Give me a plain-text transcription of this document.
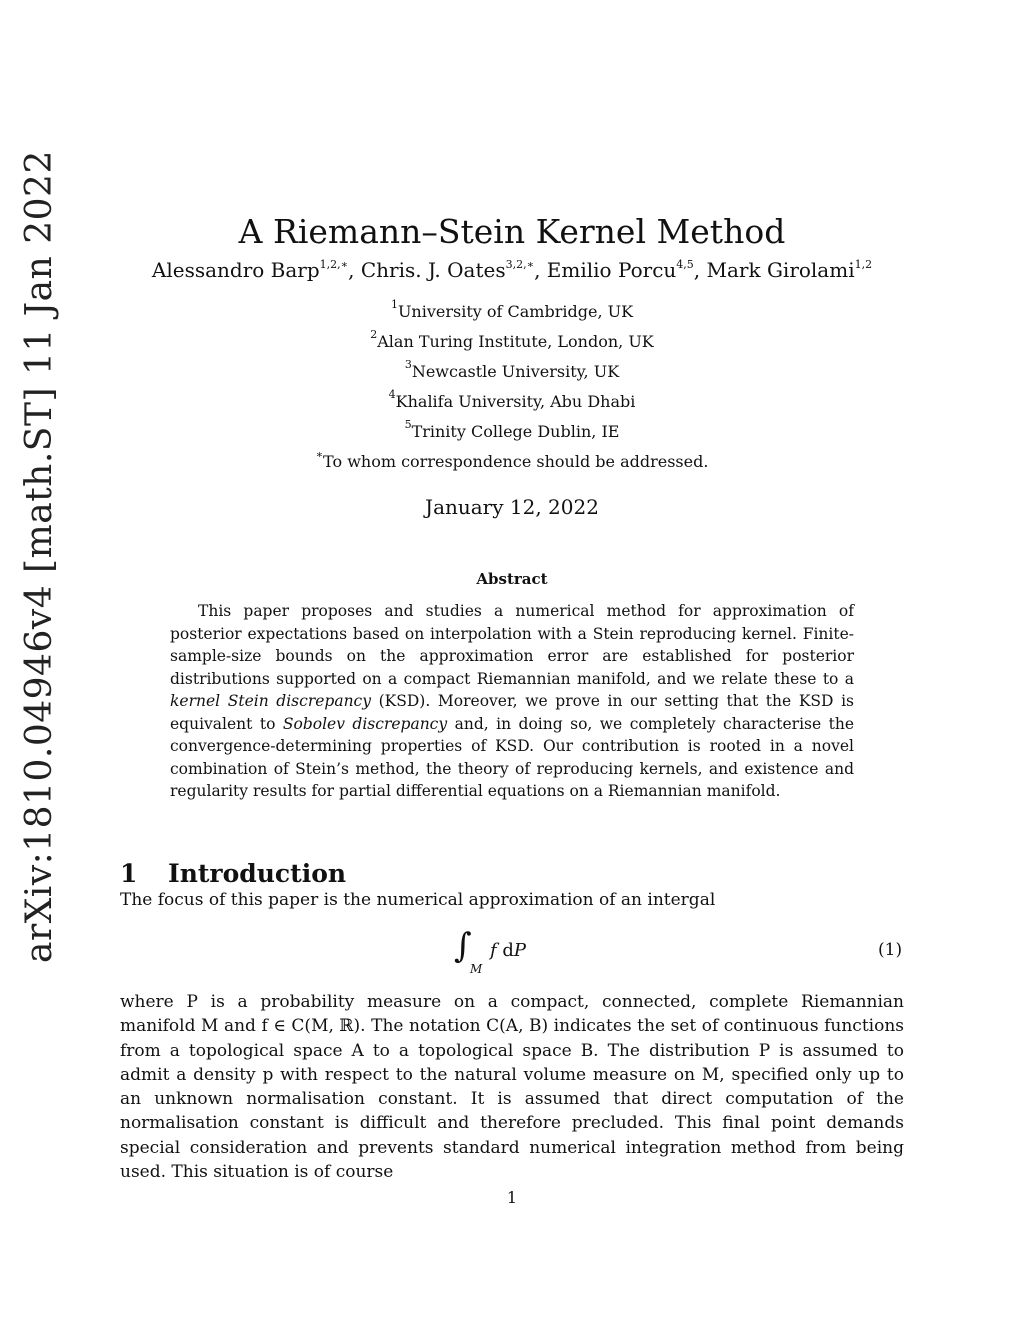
arXiv:1810.04946v4 [math.ST] 11 Jan 2022	A Riemann–Stein Kernel Method
Alessandro Barp$^{1,2,∗}$, Chris. J. Oates$^{3,2,∗}$, Emilio Porcu$^{4,5}$, Mark Girolami$^{1,2}$
$^1$University of Cambridge, UK
$^2$Alan Turing Institute, London, UK
$^3$Newcastle University, UK
$^4$Khalifa University, Abu Dhabi
$^5$Trinity College Dublin, IE
∗To whom correspondence should be addressed.
January 12, 2022
Abstract
This paper proposes and studies a numerical method for approximation of posterior expectations based on interpolation with a Stein reproducing kernel. Finite-sample-size bounds on the approximation error are established for posterior distributions supported on a compact Riemannian manifold, and we relate these to a kernel Stein discrepancy (KSD). Moreover, we prove in our setting that the KSD is equivalent to Sobolev discrepancy and, in doing so, we completely characterise the convergence-determining properties of KSD. Our contribution is rooted in a novel combination of Stein’s method, the theory of reproducing kernels, and existence and regularity results for partial differential equations on a Riemannian manifold.
1 Introduction
The focus of this paper is the numerical approximation of an intergal
∫
M
f dP	(1)
where P is a probability measure on a compact, connected, complete Riemannian manifold M and f ∈ C(M, ℝ). The notation C(A, B) indicates the set of continuous functions from a topological space A to a topological space B. The distribution P is assumed to admit a density p with respect to the natural volume measure on M, specified only up to an unknown normalisation constant. It is assumed that direct computation of the normalisation constant is difficult and therefore precluded. This final point demands special consideration and prevents standard numerical integration method from being used. This situation is of course
1
